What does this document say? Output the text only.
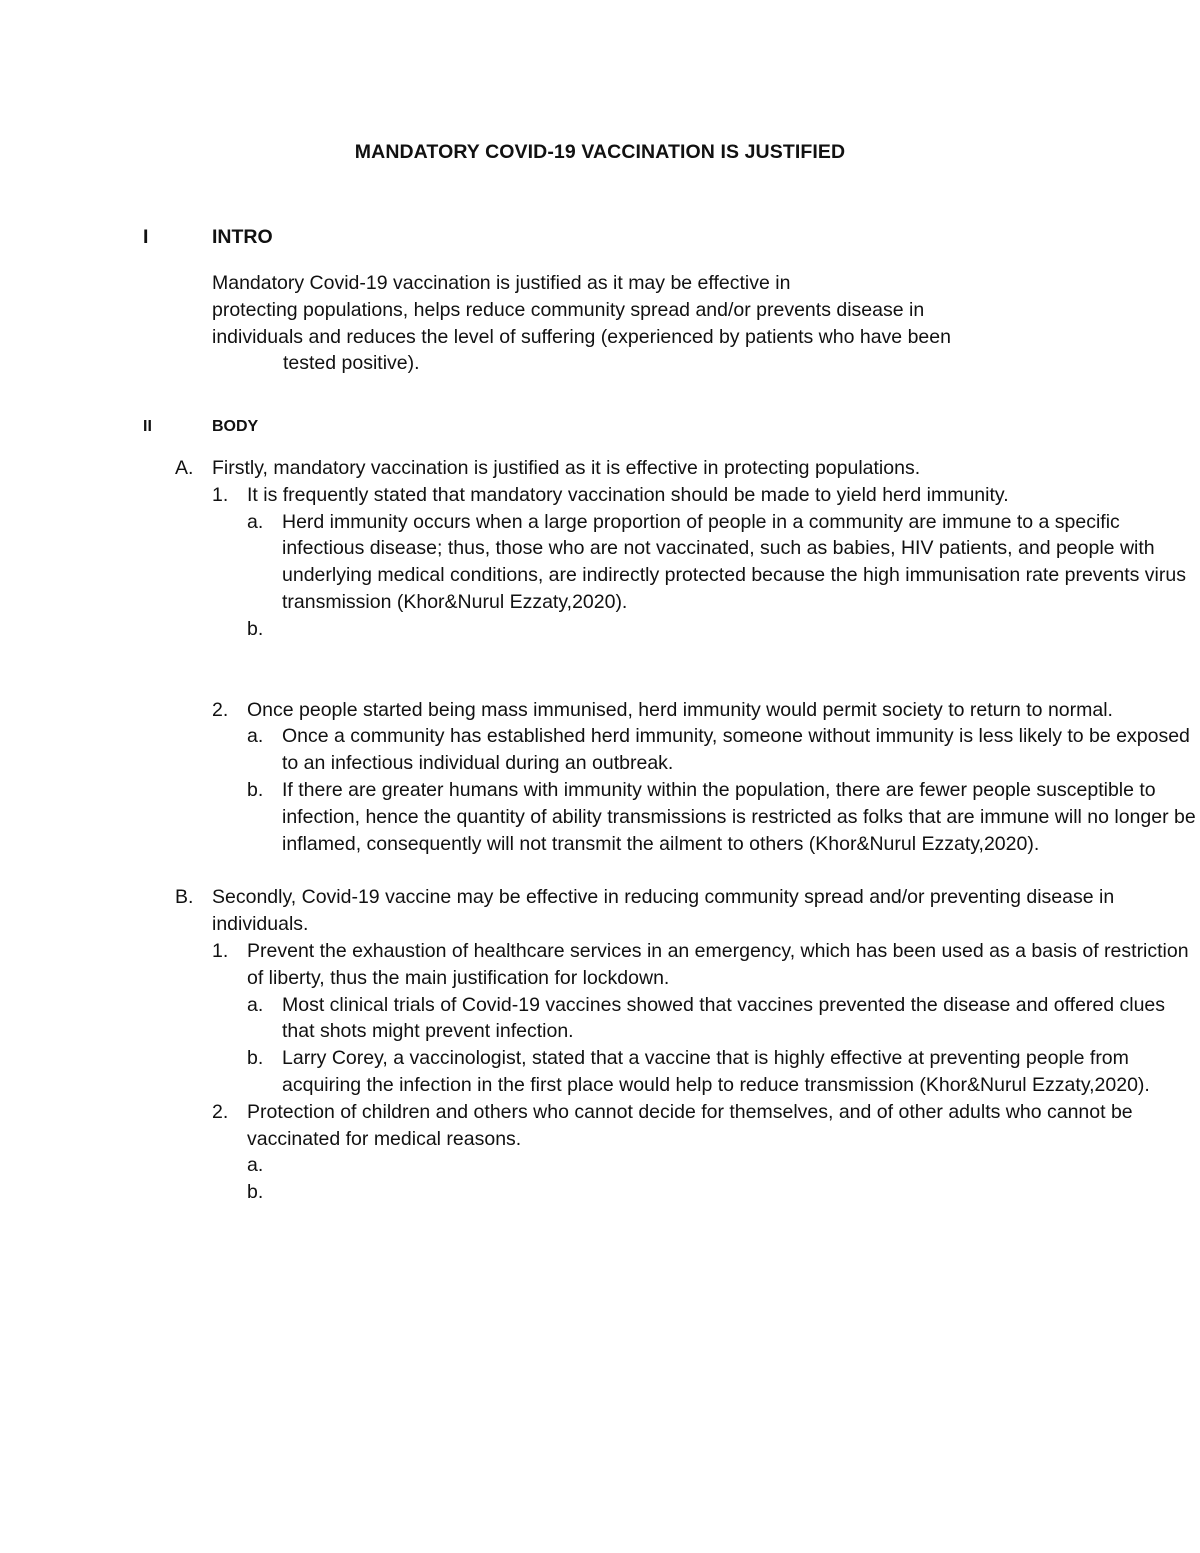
MANDATORY COVID-19 VACCINATION IS JUSTIFIED
I	INTRO
Mandatory Covid-19 vaccination is justified as it may be effective in
protecting populations, helps reduce community spread and/or prevents disease in
individuals and reduces the level of suffering (experienced by patients who have been
tested positive).
II	BODY
A. Firstly, mandatory vaccination is justified as it is effective in protecting populations.
1. It is frequently stated that mandatory vaccination should be made to yield herd immunity.
a. Herd immunity occurs when a large proportion of people in a community are immune to a specific infectious disease; thus, those who are not vaccinated, such as babies, HIV patients, and people with underlying medical conditions, are indirectly protected because the high immunisation rate prevents virus transmission (Khor&Nurul Ezzaty,2020).
b.

2. Once people started being mass immunised, herd immunity would permit society to return to normal.
a. Once a community has established herd immunity, someone without immunity is less likely to be exposed to an infectious individual during an outbreak.
b. If there are greater humans with immunity within the population, there are fewer people susceptible to infection, hence the quantity of ability transmissions is restricted as folks that are immune will no longer be inflamed, consequently will not transmit the ailment to others (Khor&Nurul Ezzaty,2020).
B. Secondly, Covid-19 vaccine may be effective in reducing community spread and/or preventing disease in individuals.
1. Prevent the exhaustion of healthcare services in an emergency, which has been used as a basis of restriction of liberty, thus the main justification for lockdown.
a. Most clinical trials of Covid-19 vaccines showed that vaccines prevented the disease and offered clues that shots might prevent infection.
b. Larry Corey, a vaccinologist, stated that a vaccine that is highly effective at preventing people from acquiring the infection in the first place would help to reduce transmission (Khor&Nurul Ezzaty,2020).
2. Protection of children and others who cannot decide for themselves, and of other adults who cannot be vaccinated for medical reasons.
a.

b.
